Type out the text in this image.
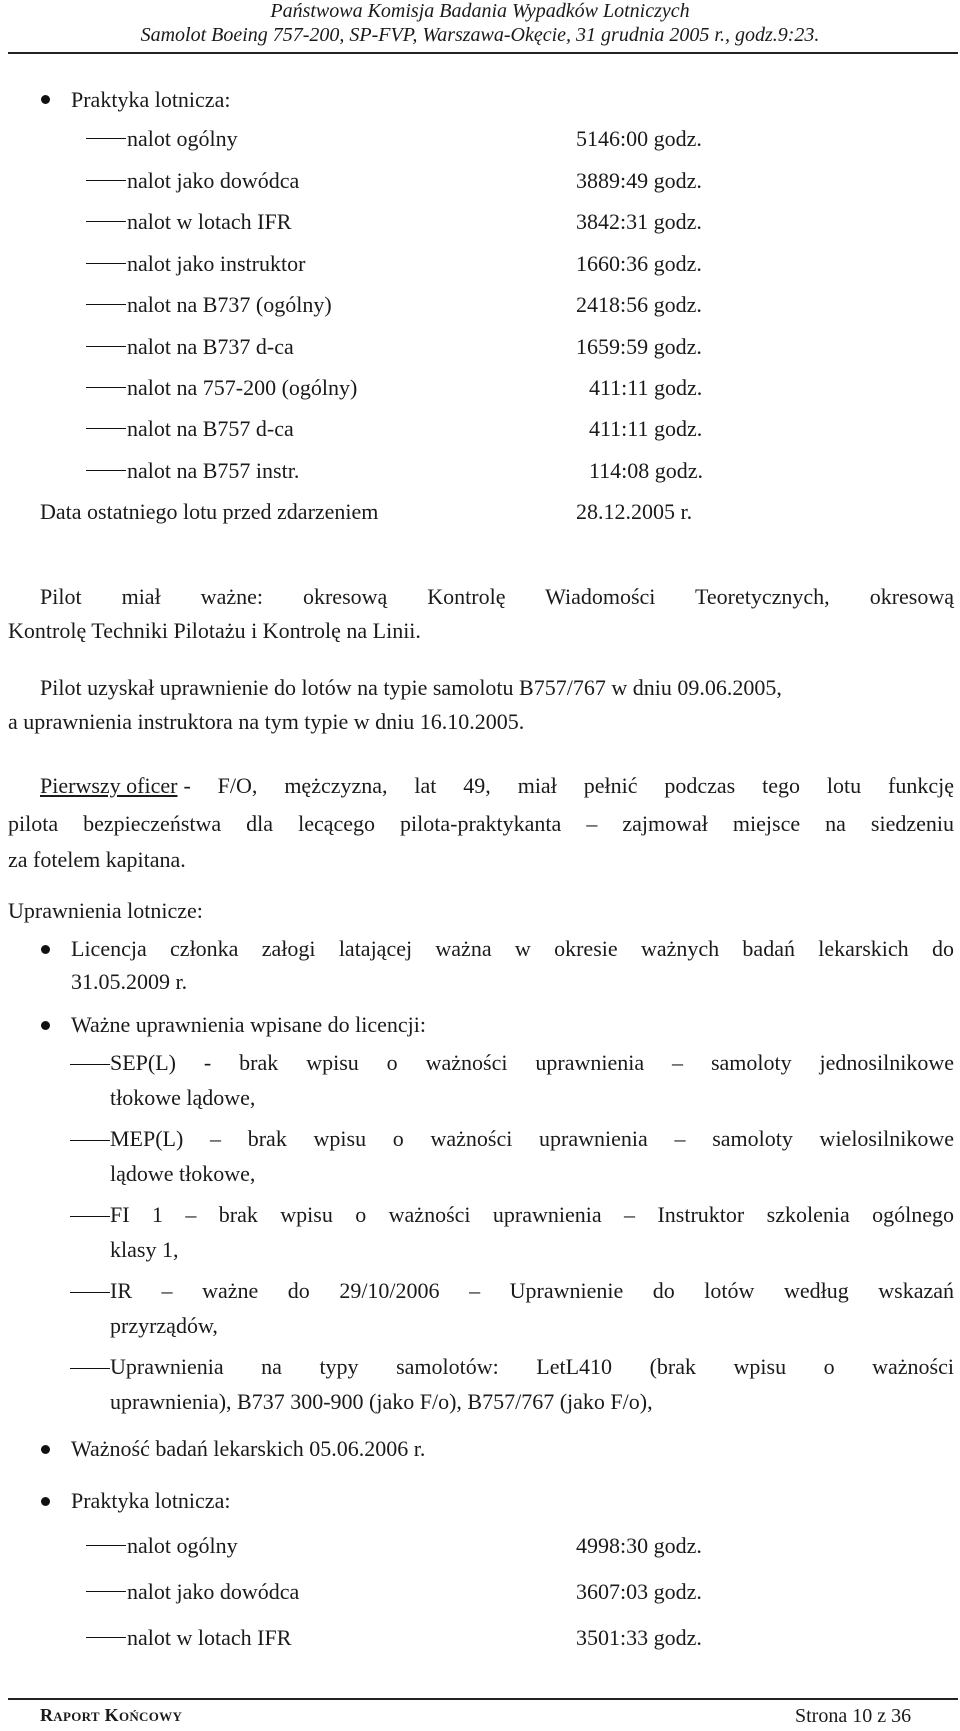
Państwowa Komisja Badania Wypadków Lotniczych
Samolot Boeing 757-200, SP-FVP, Warszawa-Okęcie, 31 grudnia 2005 r., godz.9:23.
Praktyka lotnicza:
nalot ogólny	5146:00 godz.
nalot jako dowódca	3889:49 godz.
nalot w lotach IFR	3842:31 godz.
nalot jako instruktor	1660:36 godz.
nalot na B737 (ogólny)	2418:56 godz.
nalot na B737 d-ca	1659:59 godz.
nalot na 757-200 (ogólny)	411:11 godz.
nalot na B757 d-ca	411:11 godz.
nalot na B757 instr.	114:08 godz.
Data ostatniego lotu przed zdarzeniem	28.12.2005 r.
Pilot miał ważne: okresową Kontrolę Wiadomości Teoretycznych, okresową
Kontrolę Techniki Pilotażu i Kontrolę na Linii.
Pilot uzyskał uprawnienie do lotów na typie samolotu B757/767 w dniu 09.06.2005,
a uprawnienia instruktora na tym typie w dniu 16.10.2005.
Pierwszy oficer - F/O, mężczyzna, lat 49, miał pełnić podczas tego lotu funkcję
pilota bezpieczeństwa dla lecącego pilota-praktykanta – zajmował miejsce na siedzeniu
za fotelem kapitana.
Uprawnienia lotnicze:
Licencja członka załogi latającej ważna w okresie ważnych badań lekarskich do
31.05.2009 r.
Ważne uprawnienia wpisane do licencji:
SEP(L) - brak wpisu o ważności uprawnienia – samoloty jednosilnikowe
tłokowe lądowe,
MEP(L) – brak wpisu o ważności uprawnienia – samoloty wielosilnikowe
lądowe tłokowe,
FI 1 – brak wpisu o ważności uprawnienia – Instruktor szkolenia ogólnego
klasy 1,
IR – ważne do 29/10/2006 – Uprawnienie do lotów według wskazań
przyrządów,
Uprawnienia na typy samolotów: LetL410 (brak wpisu o ważności
uprawnienia), B737 300-900 (jako F/o), B757/767 (jako F/o),
Ważność badań lekarskich 05.06.2006 r.
Praktyka lotnicza:
nalot ogólny	4998:30 godz.
nalot jako dowódca	3607:03 godz.
nalot w lotach IFR	3501:33 godz.
Raport Końcowy	Strona 10 z 36
